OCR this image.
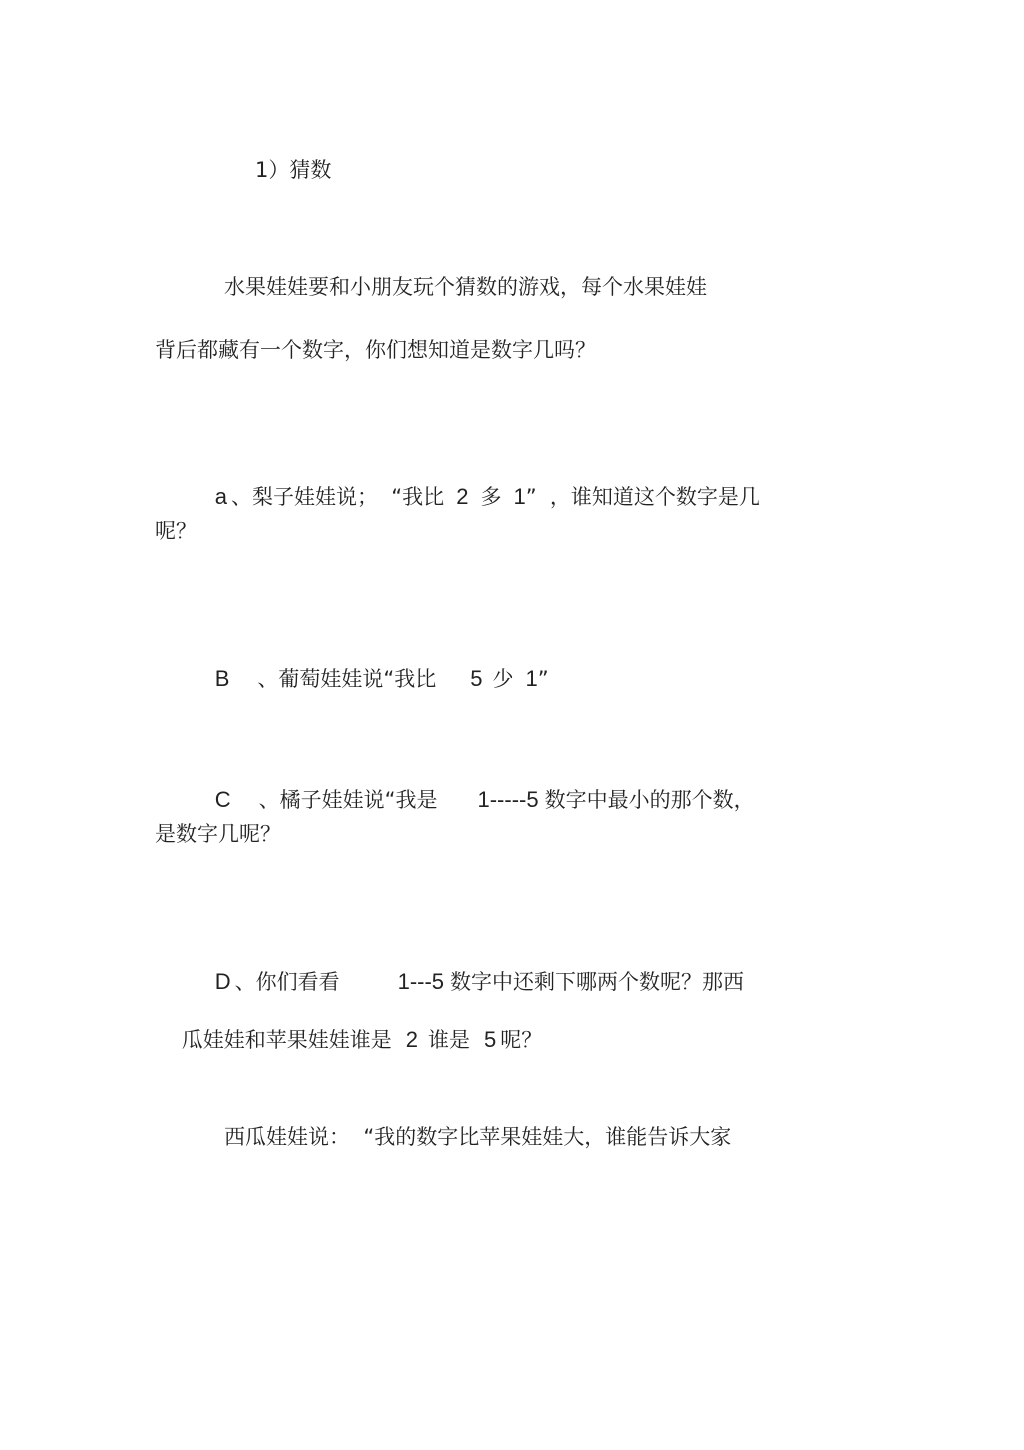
1）猜数
水果娃娃要和小朋友玩个猜数的游戏，每个水果娃娃
背后都藏有一个数字，你们想知道是数字几吗？

a 、梨子娃娃说；  “我比 2 多 1”  ，谁知道这个数字是几

呢？

B 、葡萄娃娃说“我比 5 少 1”

C 、橘子娃娃说“我是 1-----5 数字中最小的那个数，

是数字几呢？

D 、你们看看	1---5 数字中还剩下哪两个数呢？那西

瓜娃娃和苹果娃娃谁是 2 谁是 5 呢？

西瓜娃娃说：  “我的数字比苹果娃娃大，谁能告诉大家
